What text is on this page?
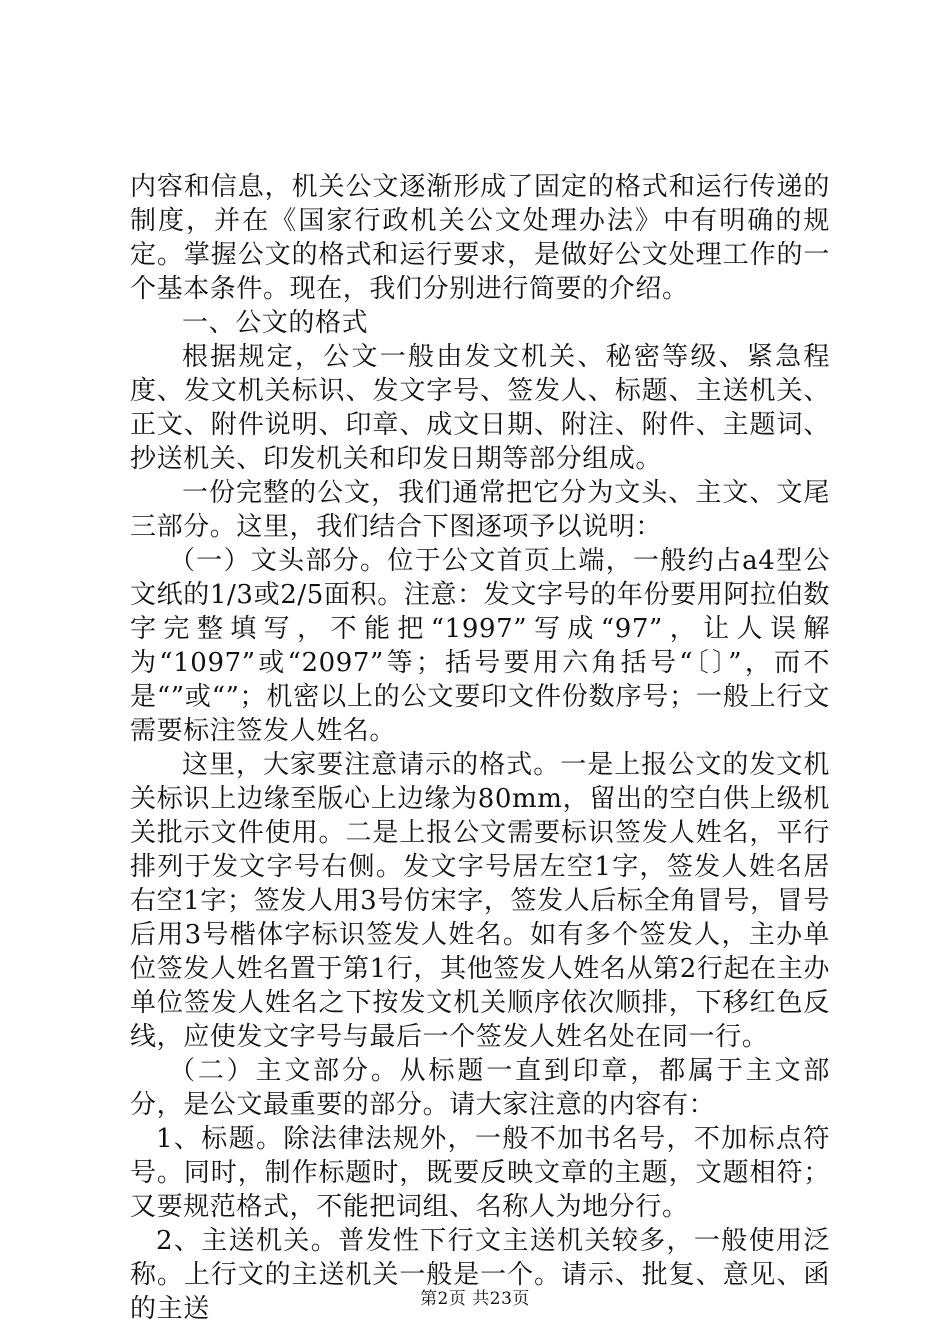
内容和信息，机关公文逐渐形成了固定的格式和运行传递的制度，并在《国家行政机关公文处理办法》中有明确的规定。掌握公文的格式和运行要求，是做好公文处理工作的一个基本条件。现在，我们分别进行简要的介绍。

一、公文的格式

根据规定，公文一般由发文机关、秘密等级、紧急程度、发文机关标识、发文字号、签发人、标题、主送机关、正文、附件说明、印章、成文日期、附注、附件、主题词、抄送机关、印发机关和印发日期等部分组成。

一份完整的公文，我们通常把它分为文头、主文、文尾三部分。这里，我们结合下图逐项予以说明：

（一）文头部分。位于公文首页上端，一般约占a4型公文纸的1/3或2/5面积。注意：发文字号的年份要用阿拉伯数字完整填写，不能把“1997”写成“97”，让人误解为“1097”或“2097”等；括号要用六角括号“〔〕”，而不是“”或“”；机密以上的公文要印文件份数序号；一般上行文需要标注签发人姓名。

这里，大家要注意请示的格式。一是上报公文的发文机关标识上边缘至版心上边缘为80mm，留出的空白供上级机关批示文件使用。二是上报公文需要标识签发人姓名，平行排列于发文字号右侧。发文字号居左空1字，签发人姓名居右空1字；签发人用3号仿宋字，签发人后标全角冒号，冒号后用3号楷体字标识签发人姓名。如有多个签发人，主办单位签发人姓名置于第1行，其他签发人姓名从第2行起在主办单位签发人姓名之下按发文机关顺序依次顺排，下移红色反线，应使发文字号与最后一个签发人姓名处在同一行。

（二）主文部分。从标题一直到印章，都属于主文部分，是公文最重要的部分。请大家注意的内容有：

1、标题。除法律法规外，一般不加书名号，不加标点符号。同时，制作标题时，既要反映文章的主题，文题相符；又要规范格式，不能把词组、名称人为地分行。

2、主送机关。普发性下行文主送机关较多，一般使用泛称。上行文的主送机关一般是一个。请示、批复、意见、函的主送	第2页 共23页
